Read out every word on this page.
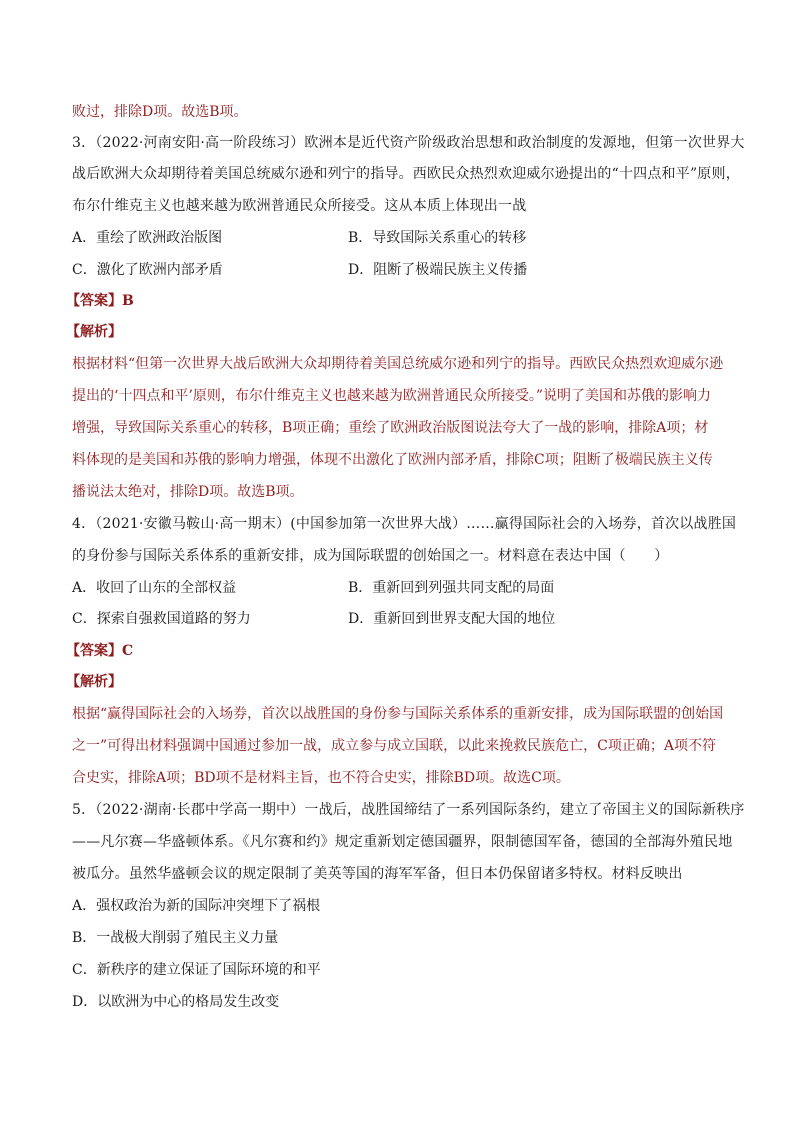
败过，排除D项。故选B项。
3．（2022·河南安阳·高一阶段练习）欧洲本是近代资产阶级政治思想和政治制度的发源地，但第一次世界大
战后欧洲大众却期待着美国总统威尔逊和列宁的指导。西欧民众热烈欢迎威尔逊提出的“十四点和平”原则，
布尔什维克主义也越来越为欧洲普通民众所接受。这从本质上体现出一战
A．重绘了欧洲政治版图	B．导致国际关系重心的转移
C．激化了欧洲内部矛盾	D．阻断了极端民族主义传播
【答案】B
【解析】
根据材料“但第一次世界大战后欧洲大众却期待着美国总统威尔逊和列宁的指导。西欧民众热烈欢迎威尔逊
提出的‘十四点和平’原则，布尔什维克主义也越来越为欧洲普通民众所接受。”说明了美国和苏俄的影响力
增强，导致国际关系重心的转移，B项正确；重绘了欧洲政治版图说法夸大了一战的影响，排除A项；材
料体现的是美国和苏俄的影响力增强，体现不出激化了欧洲内部矛盾，排除C项；阻断了极端民族主义传
播说法太绝对，排除D项。故选B项。
4．（2021·安徽马鞍山·高一期末）(中国参加第一次世界大战）……赢得国际社会的入场券，首次以战胜国
的身份参与国际关系体系的重新安排，成为国际联盟的创始国之一。材料意在表达中国（　　）
A．收回了山东的全部权益	B．重新回到列强共同支配的局面
C．探索自强救国道路的努力	D．重新回到世界支配大国的地位
【答案】C
【解析】
根据“赢得国际社会的入场券，首次以战胜国的身份参与国际关系体系的重新安排，成为国际联盟的创始国
之一”可得出材料强调中国通过参加一战，成立参与成立国联，以此来挽救民族危亡，C项正确；A项不符
合史实，排除A项；BD项不是材料主旨，也不符合史实，排除BD项。故选C项。
5．（2022·湖南·长郡中学高一期中）一战后，战胜国缔结了一系列国际条约，建立了帝国主义的国际新秩序
——凡尔赛—华盛顿体系。《凡尔赛和约》规定重新划定德国疆界，限制德国军备，德国的全部海外殖民地
被瓜分。虽然华盛顿会议的规定限制了美英等国的海军军备，但日本仍保留诸多特权。材料反映出
A．强权政治为新的国际冲突埋下了祸根
B．一战极大削弱了殖民主义力量
C．新秩序的建立保证了国际环境的和平
D．以欧洲为中心的格局发生改变
